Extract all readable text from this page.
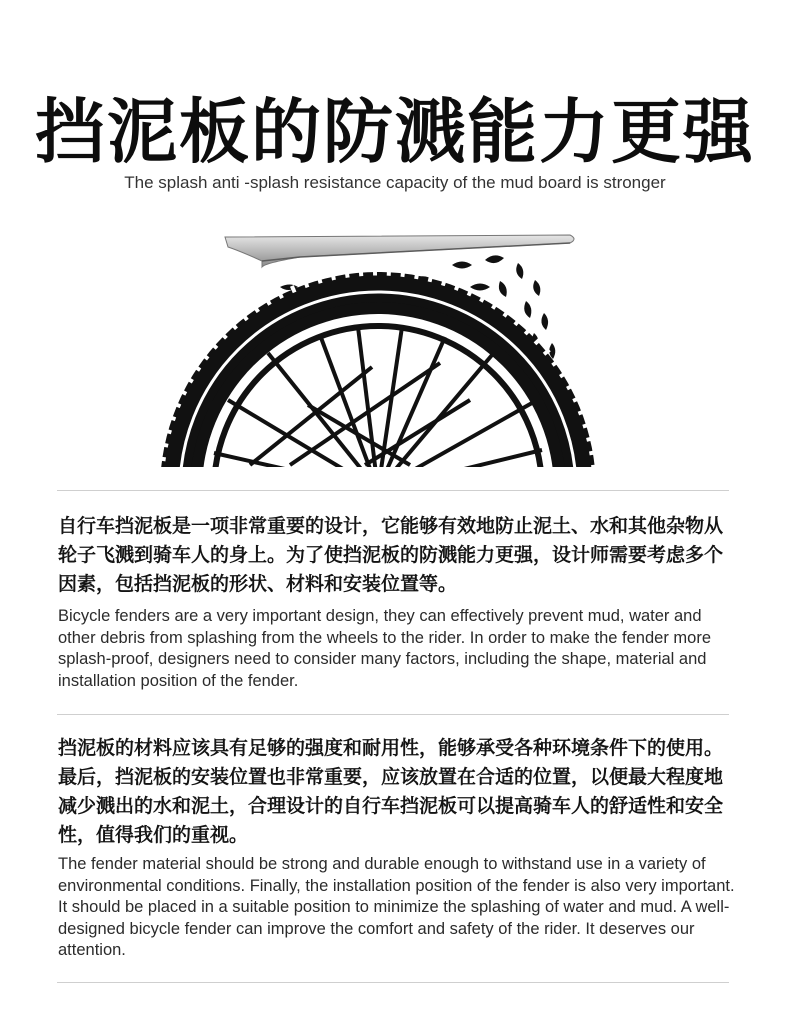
挡泥板的防溅能力更强
The splash anti -splash resistance capacity of the mud board is stronger
自行车挡泥板是一项非常重要的设计，它能够有效地防止泥土、水和其他杂物从轮子飞溅到骑车人的身上。为了使挡泥板的防溅能力更强，设计师需要考虑多个因素，包括挡泥板的形状、材料和安装位置等。
Bicycle fenders are a very important design, they can effectively prevent mud, water and other debris from splashing from the wheels to the rider. In order to make the fender more splash-proof, designers need to consider many factors, including the shape, material and installation position of the fender.
挡泥板的材料应该具有足够的强度和耐用性，能够承受各种环境条件下的使用。最后，挡泥板的安装位置也非常重要，应该放置在合适的位置，以便最大程度地减少溅出的水和泥土，合理设计的自行车挡泥板可以提高骑车人的舒适性和安全性，值得我们的重视。
The fender material should be strong and durable enough to withstand use in a variety of environmental conditions. Finally, the installation position of the fender is also very important. It should be placed in a suitable position to minimize the splashing of water and mud. A well-designed bicycle fender can improve the comfort and safety of the rider. It deserves our attention.
